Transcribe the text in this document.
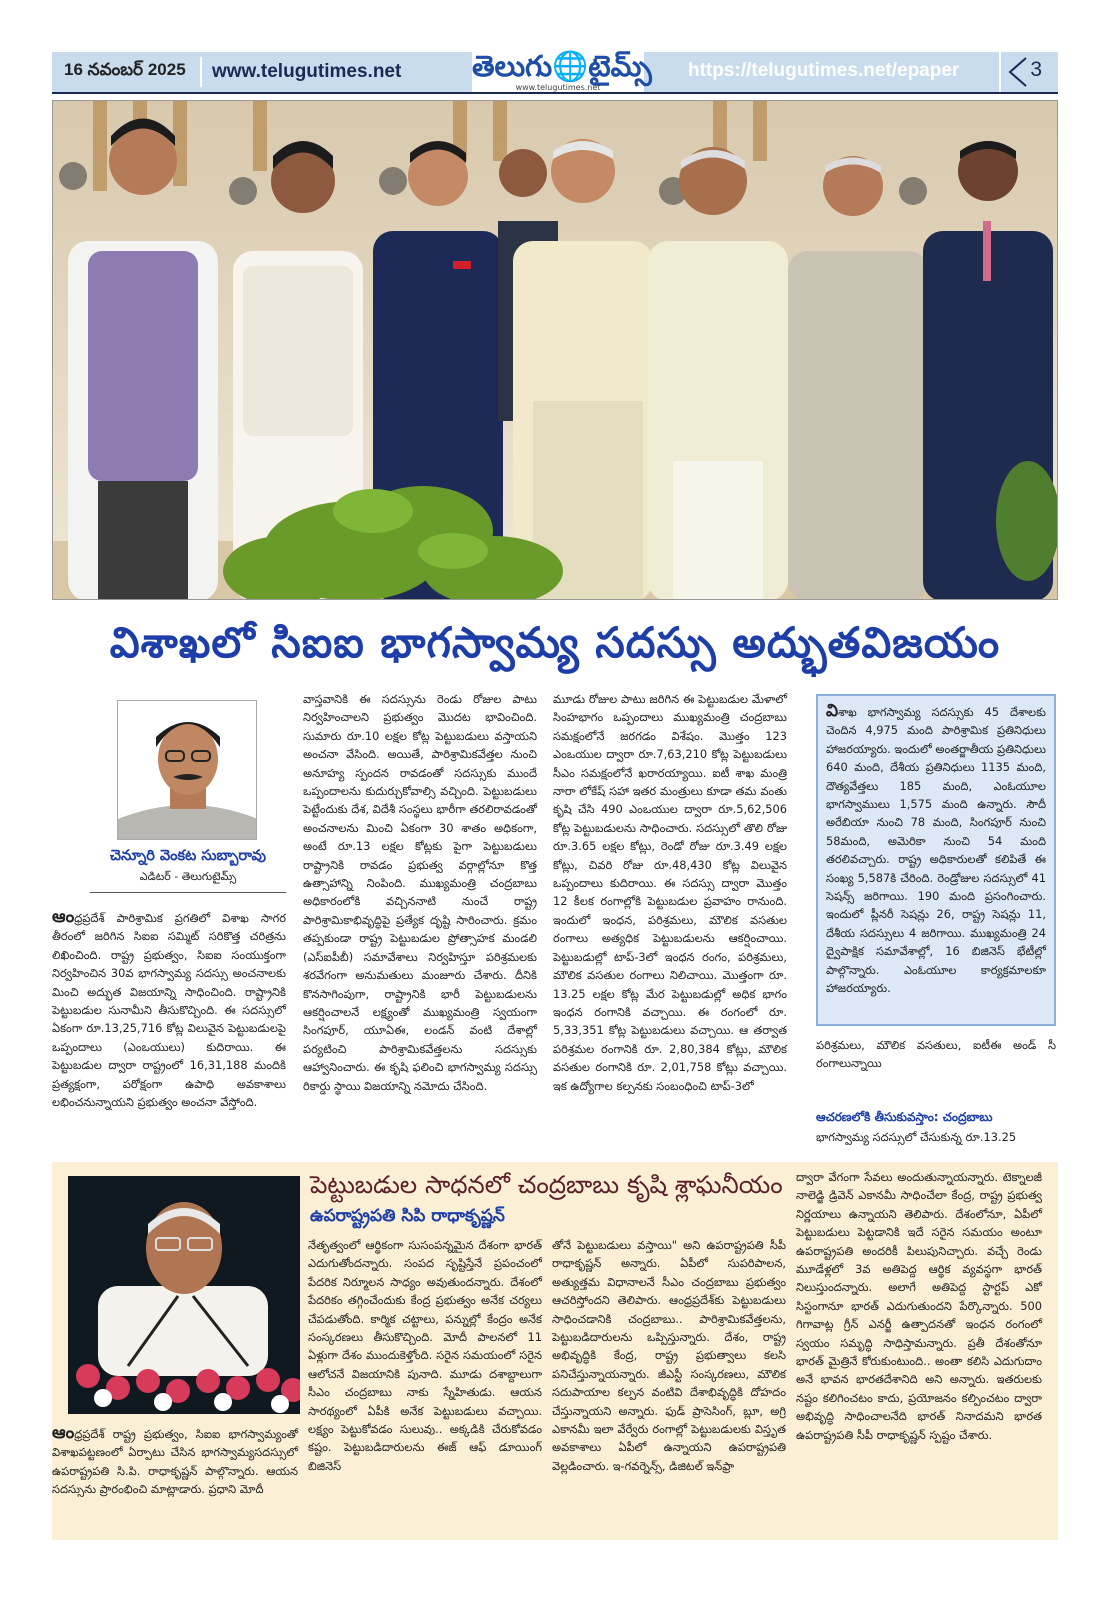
16 నవంబర్ 2025	www.telugutimes.net	తెలుగు🌐టైమ్స్
www.telugutimes.net
https://telugutimes.net/epaper	3
విశాఖలో సిఐఐ భాగస్వామ్య సదస్సు అద్భుతవిజయం
చెన్నూరి వెంకట సుబ్బారావు
ఎడిటర్ - తెలుగుటైమ్స్

ఆంధ్రప్రదేశ్ పారిశ్రామిక ప్రగతిలో విశాఖ సాగర తీరంలో జరిగిన సిఐఐ సమ్మిట్ సరికొత్త చరిత్రను లిఖించింది. రాష్ట్ర ప్రభుత్వం, సిఐఐ సంయుక్తంగా నిర్వహించిన 30వ భాగస్వామ్య సదస్సు అంచనాలకు మించి అద్భుత విజయాన్ని సాధించింది. రాష్ట్రానికి పెట్టుబడుల సునామీని తీసుకొచ్చింది. ఈ సదస్సులో ఏకంగా రూ.13,25,716 కోట్ల విలువైన పెట్టుబడులపై ఒప్పందాలు (ఎంఒయులు) కుదిరాయి. ఈ పెట్టుబడుల ద్వారా రాష్ట్రంలో 16,31,188 మందికి ప్రత్యక్షంగా, పరోక్షంగా ఉపాధి అవకాశాలు లభించనున్నాయని ప్రభుత్వం అంచనా వేస్తోంది.

వాస్తవానికి ఈ సదస్సును రెండు రోజుల పాటు నిర్వహించాలని ప్రభుత్వం మొదట భావించింది. సుమారు రూ.10 లక్షల కోట్ల పెట్టుబడులు వస్తాయని అంచనా వేసింది. అయితే, పారిశ్రామికవేత్తల నుంచి అనూహ్య స్పందన రావడంతో సదస్సుకు ముందే ఒప్పందాలను కుదుర్చుకోవాల్సి వచ్చింది. పెట్టుబడులు పెట్టేందుకు దేశ, విదేశీ సంస్థలు భారీగా తరలిరావడంతో అంచనాలను మించి ఏకంగా 30 శాతం అధికంగా, అంటే రూ.13 లక్షల కోట్లకు పైగా పెట్టుబడులు రాష్ట్రానికి రావడం ప్రభుత్వ వర్గాల్లోనూ కొత్త ఉత్సాహాన్ని నింపింది. ముఖ్యమంత్రి చంద్రబాబు అధికారంలోకి వచ్చిననాటి నుంచే రాష్ట్ర పారిశ్రామికాభివృద్ధిపై ప్రత్యేక దృష్టి సారించారు. క్రమం తప్పకుండా రాష్ట్ర పెట్టుబడుల ప్రోత్సాహక మండలి (ఎస్ఐపీబీ) సమావేశాలు నిర్వహిస్తూ పరిశ్రమలకు శరవేగంగా అనుమతులు మంజూరు చేశారు. దీనికి కొనసాగింపుగా, రాష్ట్రానికి భారీ పెట్టుబడులను ఆకర్షించాలనే లక్ష్యంతో ముఖ్యమంత్రి స్వయంగా సింగపూర్, యూఏఈ, లండన్ వంటి దేశాల్లో పర్యటించి పారిశ్రామికవేత్తలను సదస్సుకు ఆహ్వానించారు. ఈ కృషి ఫలించి భాగస్వామ్య సదస్సు రికార్డు స్థాయి విజయాన్ని నమోదు చేసింది.

మూడు రోజుల పాటు జరిగిన ఈ పెట్టుబడుల మేళాలో సింహభాగం ఒప్పందాలు ముఖ్యమంత్రి చంద్రబాబు సమక్షంలోనే జరగడం విశేషం. మొత్తం 123 ఎంఒయుల ద్వారా రూ.7,63,210 కోట్ల పెట్టుబడులు సీఎం సమక్షంలోనే ఖరారయ్యాయి. ఐటీ శాఖ మంత్రి నారా లోకేష్ సహా ఇతర మంత్రులు కూడా తమ వంతు కృషి చేసి 490 ఎంఒయుల ద్వారా రూ.5,62,506 కోట్ల పెట్టుబడులను సాధించారు. సదస్సులో తొలి రోజు రూ.3.65 లక్షల కోట్లు, రెండో రోజు రూ.3.49 లక్షల కోట్లు, చివరి రోజు రూ.48,430 కోట్ల విలువైన ఒప్పందాలు కుదిరాయి. ఈ సదస్సు ద్వారా మొత్తం 12 కీలక రంగాల్లోకి పెట్టుబడుల ప్రవాహం రానుంది. ఇందులో ఇంధన, పరిశ్రమలు, మౌలిక వసతుల రంగాలు అత్యధిక పెట్టుబడులను ఆకర్షించాయి. పెట్టుబడుల్లో టాప్-3లో ఇంధన రంగం, పరిశ్రమలు, మౌలిక వసతుల రంగాలు నిలిచాయి. మొత్తంగా రూ. 13.25 లక్షల కోట్ల మేర పెట్టుబడుల్లో అధిక భాగం ఇంధన రంగానికి వచ్చాయి. ఈ రంగంలో రూ. 5,33,351 కోట్ల పెట్టుబడులు వచ్చాయి. ఆ తర్వాత పరిశ్రమల రంగానికి రూ. 2,80,384 కోట్లు, మౌలిక వసతుల రంగానికి రూ. 2,01,758 కోట్లు వచ్చాయి. ఇక ఉద్యోగాల కల్పనకు సంబంధించి టాప్-3లో

విశాఖ భాగస్వామ్య సదస్సుకు 45 దేశాలకు చెందిన 4,975 మంది పారిశ్రామిక ప్రతినిధులు హాజరయ్యారు. ఇందులో అంతర్జాతీయ ప్రతినిధులు 640 మంది, దేశీయ ప్రతినిధులు 1135 మంది, దౌత్యవేత్తలు 185 మంది, ఎంఓయూల భాగస్వాములు 1,575 మంది ఉన్నారు. సౌదీ అరేబియా నుంచి 78 మంది, సింగపూర్ నుంచి 58మంది, అమెరికా నుంచి 54 మంది తరలివచ్చారు. రాష్ట్ర అధికారులతో కలిపితే ఈ సంఖ్య 5,587కి చేరింది. రెండ్రోజుల సదస్సులో 41 సెషన్స్ జరిగాయి. 190 మంది ప్రసంగించారు. ఇందులో ప్లీనరీ సెషన్లు 26, రాష్ట్ర సెషన్లు 11, దేశీయ సదస్సులు 4 జరిగాయి. ముఖ్యమంత్రి 24 ద్వైపాక్షిక సమావేశాల్లో, 16 బిజినెస్ భేటీల్లో పాల్గొన్నారు. ఎంఓయూల కార్యక్రమాలకూ హాజరయ్యారు.

పరిశ్రమలు, మౌలిక వసతులు, ఐటీఈ అండ్ సీ రంగాలున్నాయి

ఆచరణలోకి తీసుకువస్తాం: చంద్రబాబు

భాగస్వామ్య సదస్సులో చేసుకున్న రూ.13.25

పెట్టుబడుల సాధనలో చంద్రబాబు కృషి శ్లాఘనీయం
ఉపరాష్ట్రపతి సిపి రాధాకృష్ణన్

ఆంధ్రప్రదేశ్ రాష్ట్ర ప్రభుత్వం, సిఐఐ భాగస్వామ్యంతో విశాఖపట్టణంలో ఏర్పాటు చేసిన భాగస్వామ్యసదస్సులో ఉపరాష్ట్రపతి సి.పి. రాధాకృష్ణన్ పాల్గొన్నారు. ఆయన సదస్సును ప్రారంభించి మాట్లాడారు. ప్రధాని మోదీ

నేతృత్వంలో ఆర్థికంగా సుసంపన్నమైన దేశంగా భారత్ ఎదుగుతోందన్నారు. సంపద సృష్టిస్తేనే ప్రపంచంలో పేదరిక నిర్మూలన సాధ్యం అవుతుందన్నారు. దేశంలో పేదరికం తగ్గించేందుకు కేంద్ర ప్రభుత్వం అనేక చర్యలు చేపడుతోంది. కార్మిక చట్టాలు, పన్నుల్లో కేంద్రం అనేక సంస్కరణలు తీసుకొచ్చింది. మోదీ పాలనలో 11 ఏళ్లుగా దేశం ముందుకెళ్తోంది. సరైన సమయంలో సరైన ఆలోచనే విజయానికి పునాది. మూడు దశాబ్దాలుగా సీఎం చంద్రబాబు నాకు స్నేహితుడు. ఆయన సారథ్యంలో ఏపీకి అనేక పెట్టుబడులు వచ్చాయి. లక్ష్యం పెట్టుకోవడం సులువు.. అక్కడికి చేరుకోవడం కష్టం. పెట్టుబడిదారులను ఈజ్ ఆఫ్ డూయింగ్ బిజినెస్

తోనే పెట్టుబడులు వస్తాయి" అని ఉపరాష్ట్రపతి సీపీ రాధాకృష్ణన్ అన్నారు. ఏపీలో సుపరిపాలన, అత్యుత్తమ విధానాలనే సీఎం చంద్రబాబు ప్రభుత్వం ఆచరిస్తోందని తెలిపారు. ఆంధ్రప్రదేశ్‌కు పెట్టుబడులు సాధించడానికి చంద్రబాబు.. పారిశ్రామికవేత్తలను, పెట్టుబడిదారులను ఒప్పిస్తున్నారు. దేశం, రాష్ట్ర అభివృద్ధికి కేంద్ర, రాష్ట్ర ప్రభుత్వాలు కలసి పనిచేస్తున్నాయన్నారు. జీఎస్టీ సంస్కరణలు, మౌలిక సదుపాయాల కల్పన వంటివి దేశాభివృద్ధికి దోహదం చేస్తున్నాయని అన్నారు. ఫుడ్ ప్రాసెసింగ్, బ్లూ, అగ్రి ఎకానమీ ఇలా వేర్వేరు రంగాల్లో పెట్టుబడులకు విస్తృత అవకాశాలు ఏపీలో ఉన్నాయని ఉపరాష్ట్రపతి వెల్లడించారు. ఇ-గవర్నెన్స్, డిజిటల్ ఇన్‌ఫ్రా

ద్వారా వేగంగా సేవలు అందుతున్నాయన్నారు. టెక్నాలజీ నాలెడ్జి డ్రివెన్ ఎకానమీ సాధించేలా కేంద్ర, రాష్ట్ర ప్రభుత్వ నిర్ణయాలు ఉన్నాయని తెలిపారు. దేశంలోనూ, ఏపీలో పెట్టుబడులు పెట్టడానికి ఇదే సరైన సమయం అంటూ ఉపరాష్ట్రపతి అందరికీ పిలుపునిచ్చారు. వచ్చే రెండు మూడేళ్లలో 3వ అతిపెద్ద ఆర్థిక వ్యవస్థగా భారత్ నిలుస్తుందన్నారు. అలాగే అతిపెద్ద స్టార్టప్ ఎకో సిస్టంగానూ భారత్ ఎదుగుతుందని పేర్కొన్నారు. 500 గిగావాట్ల గ్రీన్ ఎనర్జీ ఉత్పాదనతో ఇంధన రంగంలో స్వయం సమృద్ధి సాధిస్తామన్నారు. ప్రతీ దేశంతోనూ భారత్ మైత్రినే కోరుకుంటుంది.. అంతా కలిసి ఎదుగుదాం అనే భావన భారతదేశానిది అని అన్నారు. ఇతరులకు నష్టం కలిగించటం కాదు, ప్రయోజనం కల్పించటం ద్వారా అభివృద్ధి సాధించాలనేది భారత్ నినాదమని భారత ఉపరాష్ట్రపతి సీపీ రాధాకృష్ణన్ స్పష్టం చేశారు.
